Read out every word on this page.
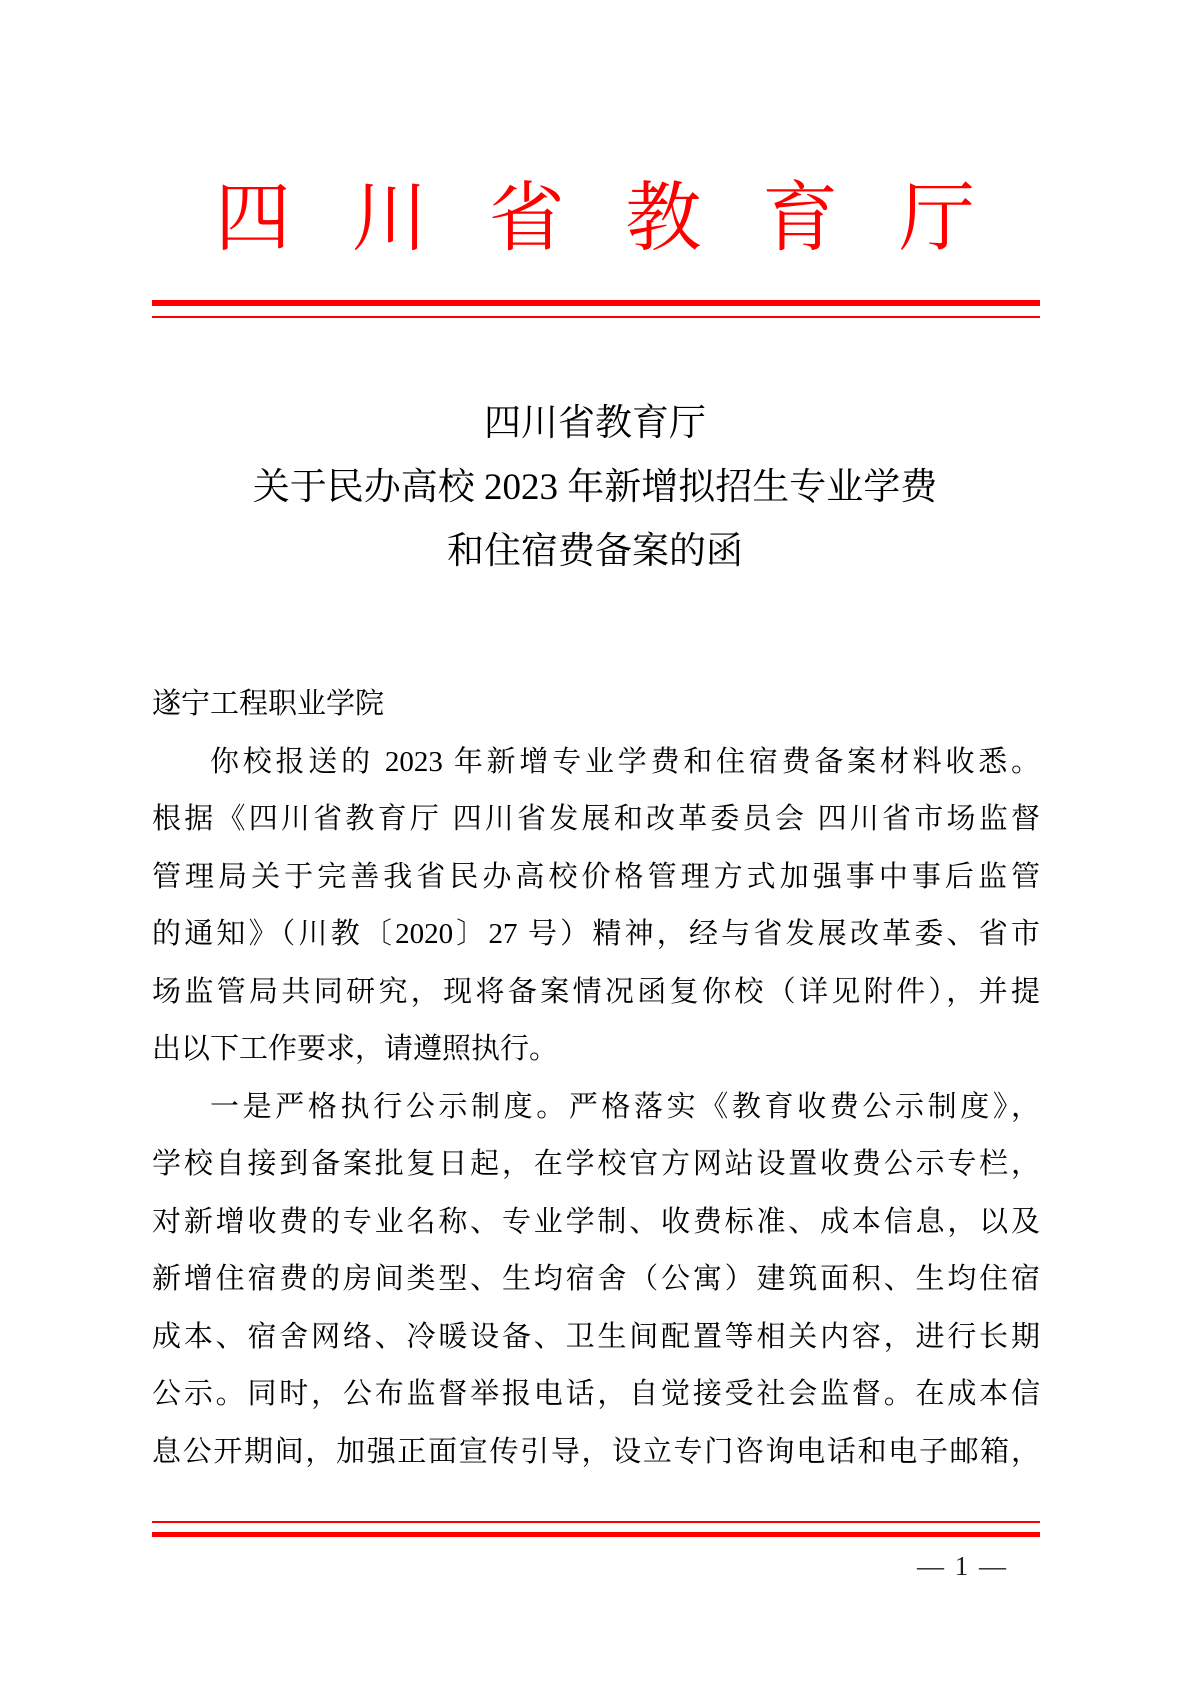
四川省教育厅
四川省教育厅
关于民办高校 2023 年新增拟招生专业学费
和住宿费备案的函
遂宁工程职业学院
你校报送的 2023 年新增专业学费和住宿费备案材料收悉。
根据《四川省教育厅 四川省发展和改革委员会 四川省市场监督
管理局关于完善我省民办高校价格管理方式加强事中事后监管
的通知》（川教〔2020〕27 号）精神，经与省发展改革委、省市
场监管局共同研究，现将备案情况函复你校（详见附件），并提
出以下工作要求，请遵照执行。
一是严格执行公示制度。严格落实《教育收费公示制度》，
学校自接到备案批复日起，在学校官方网站设置收费公示专栏，
对新增收费的专业名称、专业学制、收费标准、成本信息，以及
新增住宿费的房间类型、生均宿舍（公寓）建筑面积、生均住宿
成本、宿舍网络、冷暖设备、卫生间配置等相关内容，进行长期
公示。同时，公布监督举报电话，自觉接受社会监督。在成本信
息公开期间，加强正面宣传引导，设立专门咨询电话和电子邮箱，
— 1 —
